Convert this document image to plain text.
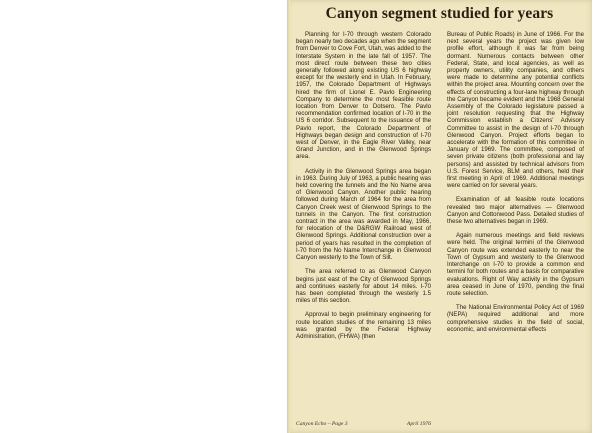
Canyon segment studied for years

Planning for I-70 through western Colorado began nearly two decades ago when the segment from Denver to Cove Fort, Utah, was added to the Interstate System in the late fall of 1957. The most direct route between these two cities generally followed along existing US 6 highway except for the westerly end in Utah. In February, 1957, the Colorado Department of Highways hired the firm of Lionel E. Pavlo Engineering Company to determine the most feasible route location from Denver to Dotsero. The Pavlo recommendation confirmed location of I-70 in the US 6 corridor. Subsequent to the issuance of the Pavlo report, the Colorado Department of Highways began design and construction of I-70 west of Denver, in the Eagle River Valley, near Grand Junction, and in the Glenwood Springs area.

Activity in the Glenwood Springs area began in 1963. During July of 1963, a public hearing was held covering the tunnels and the No Name area of Glenwood Canyon. Another public hearing followed during March of 1964 for the area from Canyon Creek west of Glenwood Springs to the tunnels in the Canyon. The first construction contract in the area was awarded in May, 1966, for relocation of the D&RGW Railroad west of Glenwood Springs. Additional construction over a period of years has resulted in the completion of I-70 from the No Name Interchange in Glenwood Canyon westerly to the Town of Silt.

The area referred to as Glenwood Canyon begins just east of the City of Glenwood Springs and continues easterly for about 14 miles. I-70 has been completed through the westerly 1.5 miles of this section.

Approval to begin preliminary engineering for route location studies of the remaining 13 miles was granted by the Federal Highway Administration, (FHWA) (then

Bureau of Public Roads) in June of 1966. For the next several years the project was given low profile effort, although it was far from being dormant. Numerous contacts between other Federal, State, and local agencies, as well as property owners, utility companies, and others were made to determine any potential conflicts within the project area. Mounting concern over the effects of constructing a four-lane highway through the Canyon became evident and the 1968 General Assembly of the Colorado legislature passed a joint resolution requesting that the Highway Commission establish a Citizens' Advisory Committee to assist in the design of I-70 through Glenwood Canyon. Project efforts began to accelerate with the formation of this committee in January of 1969. The committee, composed of seven private citizens (both professional and lay persons) and assisted by technical advisors from U.S. Forest Service, BLM and others, held their first meeting in April of 1969. Additional meetings were carried on for several years.

Examination of all feasible route locations revealed two major alternatives — Glenwood Canyon and Cottonwood Pass. Detailed studies of these two alternatives began in 1969.

Again numerous meetings and field reviews were held. The original termini of the Glenwood Canyon route was extended easterly to near the Town of Gypsum and westerly to the Glenwood Interchange on I-70 to provide a common end termini for both routes and a basis for comparative evaluations. Right of Way activity in the Gypsum area ceased in June of 1970, pending the final route selection.

The National Environmental Policy Act of 1969 (NEPA) required additional and more comprehensive studies in the field of social, economic, and environmental effects

Canyon Echo – Page 3	April 1976
